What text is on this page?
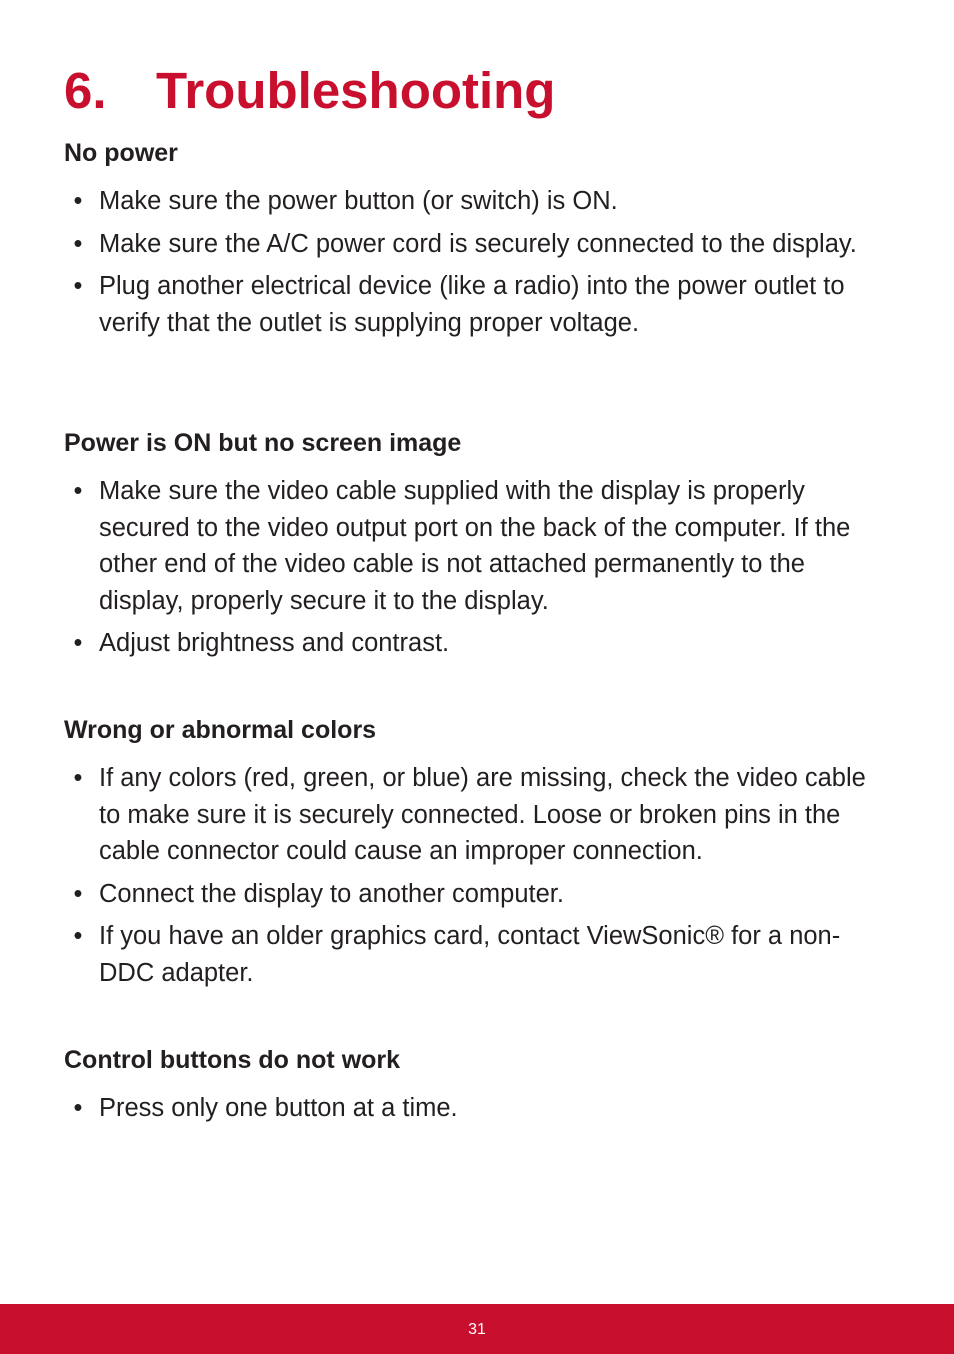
6. Troubleshooting
No power
• Make sure the power button (or switch) is ON.
• Make sure the A/C power cord is securely connected to the display.
• Plug another electrical device (like a radio) into the power outlet to verify that the outlet is supplying proper voltage.
Power is ON but no screen image
• Make sure the video cable supplied with the display is properly secured to the video output port on the back of the computer. If the other end of the video cable is not attached permanently to the display, properly secure it to the display.
• Adjust brightness and contrast.
Wrong or abnormal colors
• If any colors (red, green, or blue) are missing, check the video cable to make sure it is securely connected. Loose or broken pins in the cable connector could cause an improper connection.
• Connect the display to another computer.
• If you have an older graphics card, contact ViewSonic® for a non-DDC adapter.
Control buttons do not work
• Press only one button at a time.
31
